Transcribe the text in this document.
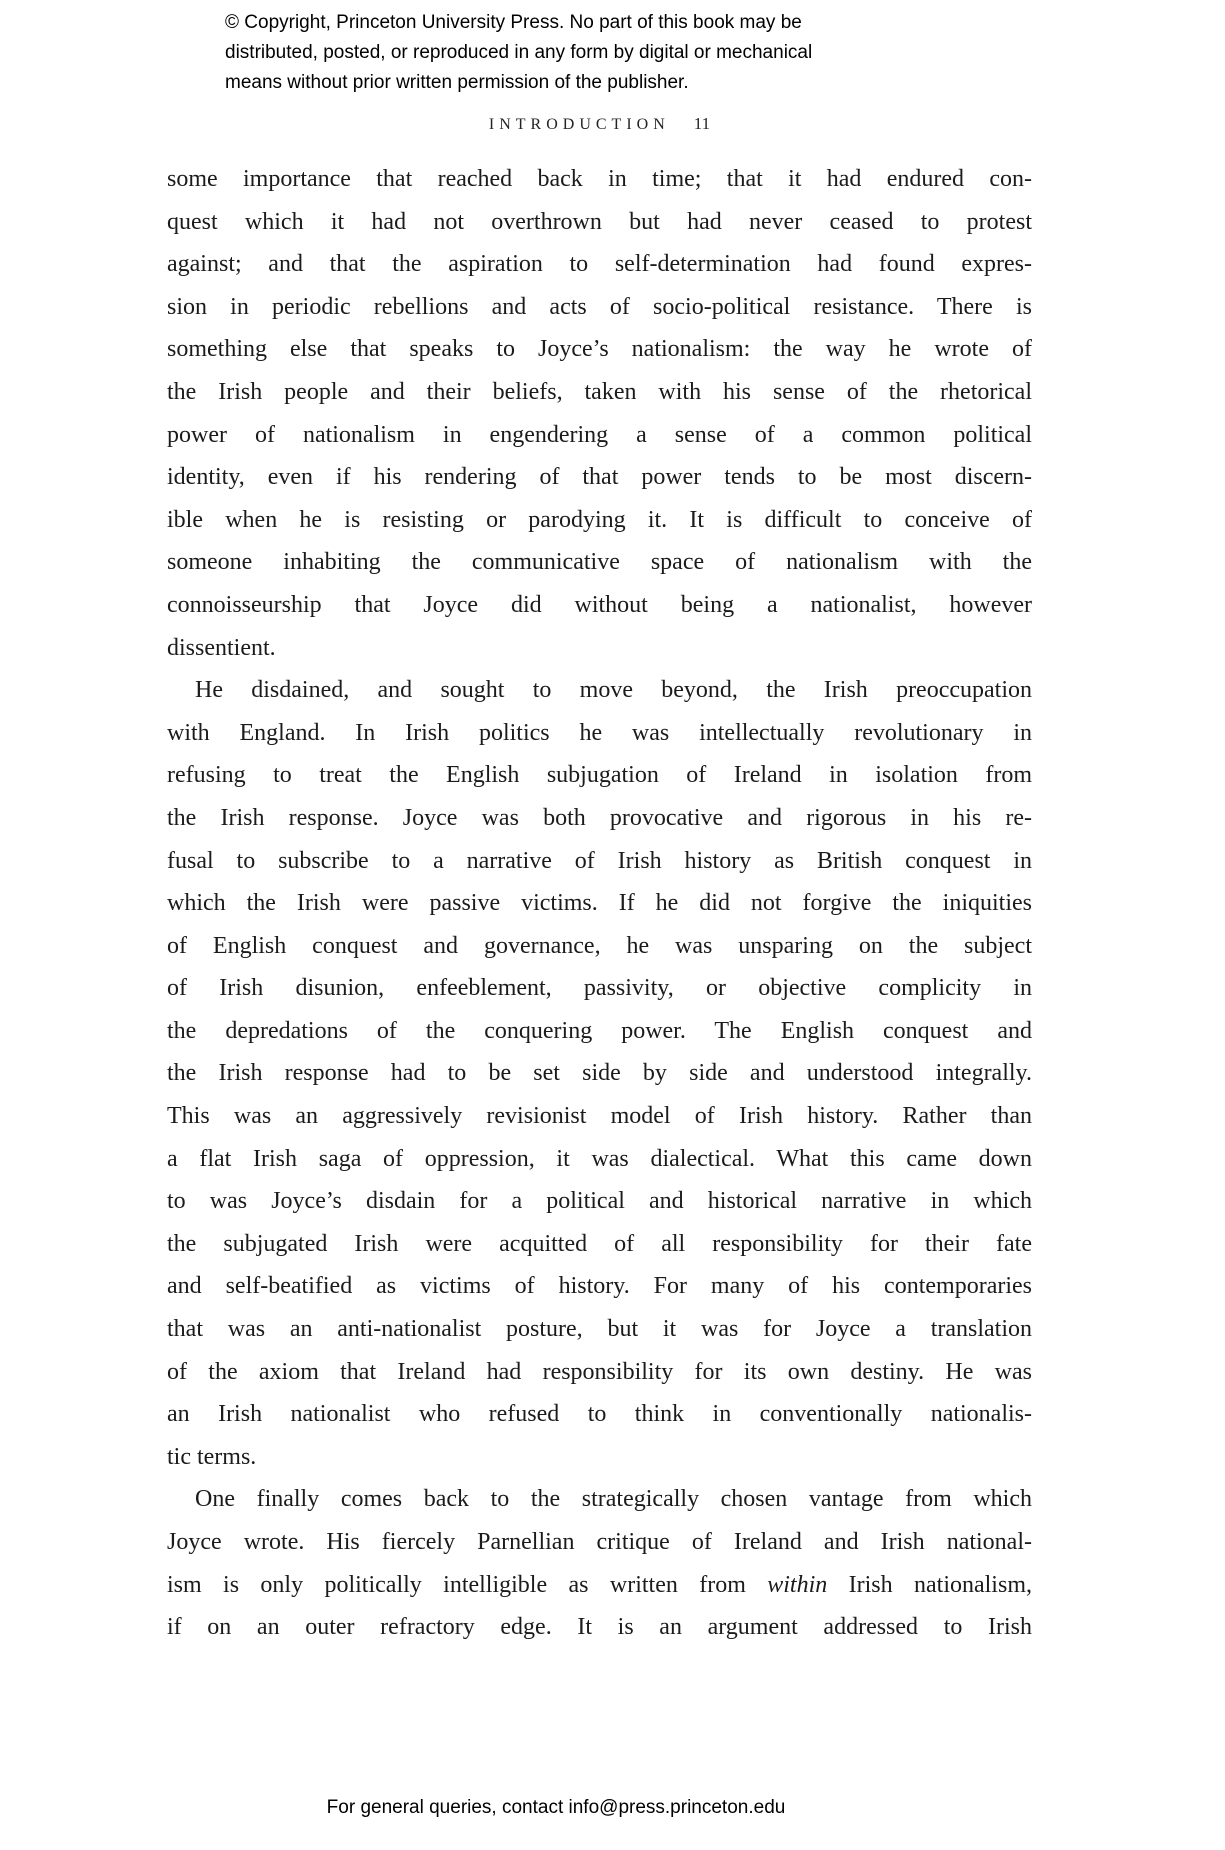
© Copyright, Princeton University Press. No part of this book may be
distributed, posted, or reproduced in any form by digital or mechanical
means without prior written permission of the publisher.
INTRODUCTION 11
some importance that reached back in time; that it had endured con-
quest which it had not overthrown but had never ceased to protest
against; and that the aspiration to self-determination had found expres-
sion in periodic rebellions and acts of socio-political resistance. There is
something else that speaks to Joyce’s nationalism: the way he wrote of
the Irish people and their beliefs, taken with his sense of the rhetorical
power of nationalism in engendering a sense of a common political
identity, even if his rendering of that power tends to be most discern-
ible when he is resisting or parodying it. It is difficult to conceive of
someone inhabiting the communicative space of nationalism with the
connoisseurship that Joyce did without being a nationalist, however
dissentient.
He disdained, and sought to move beyond, the Irish preoccupation
with England. In Irish politics he was intellectually revolutionary in
refusing to treat the English subjugation of Ireland in isolation from
the Irish response. Joyce was both provocative and rigorous in his re-
fusal to subscribe to a narrative of Irish history as British conquest in
which the Irish were passive victims. If he did not forgive the iniquities
of English conquest and governance, he was unsparing on the subject
of Irish disunion, enfeeblement, passivity, or objective complicity in
the depredations of the conquering power. The English conquest and
the Irish response had to be set side by side and understood integrally.
This was an aggressively revisionist model of Irish history. Rather than
a flat Irish saga of oppression, it was dialectical. What this came down
to was Joyce’s disdain for a political and historical narrative in which
the subjugated Irish were acquitted of all responsibility for their fate
and self-beatified as victims of history. For many of his contemporaries
that was an anti-nationalist posture, but it was for Joyce a translation
of the axiom that Ireland had responsibility for its own destiny. He was
an Irish nationalist who refused to think in conventionally nationalis-
tic terms.
One finally comes back to the strategically chosen vantage from which
Joyce wrote. His fiercely Parnellian critique of Ireland and Irish national-
ism is only politically intelligible as written from within Irish nationalism,
if on an outer refractory edge. It is an argument addressed to Irish
For general queries, contact info@press.princeton.edu
